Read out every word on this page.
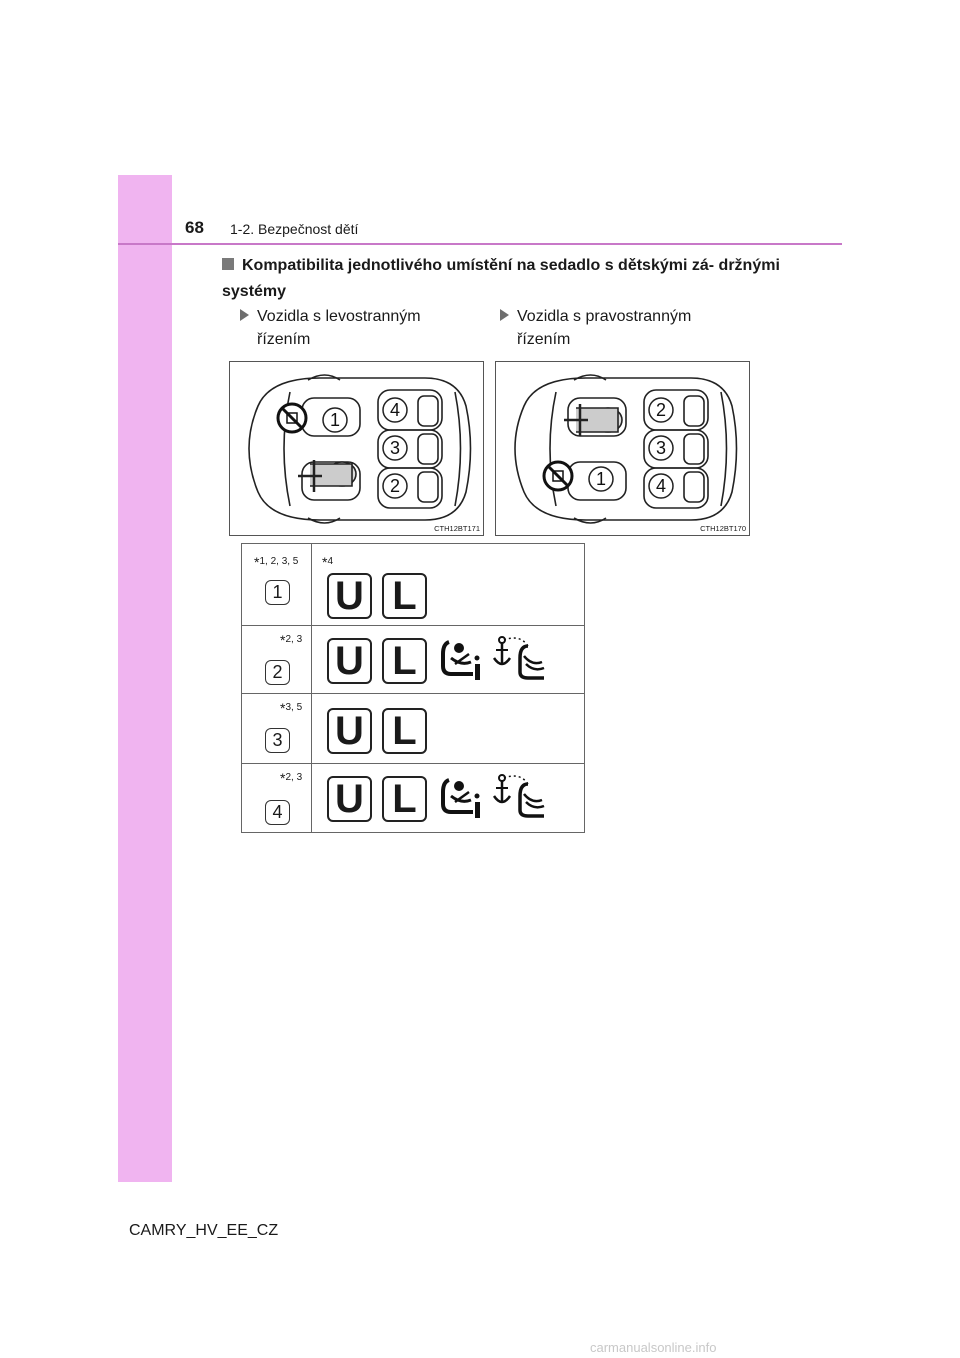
68 1-2. Bezpečnost dětí
Kompatibilita jednotlivého umístění na sedadlo s dětskými zá- držnými systémy
Vozidla s levostranným
řízením
Vozidla s pravostranným
řízením
1	4
3
2
CTH12BT171
1
2
3
4
CTH12BT170
*1, 2, 3, 5 *4
1 U L
*2, 3
2 U L
*3, 5
3 U L
*2, 3
4 U L
CAMRY_HV_EE_CZ
carmanualsonline.info
